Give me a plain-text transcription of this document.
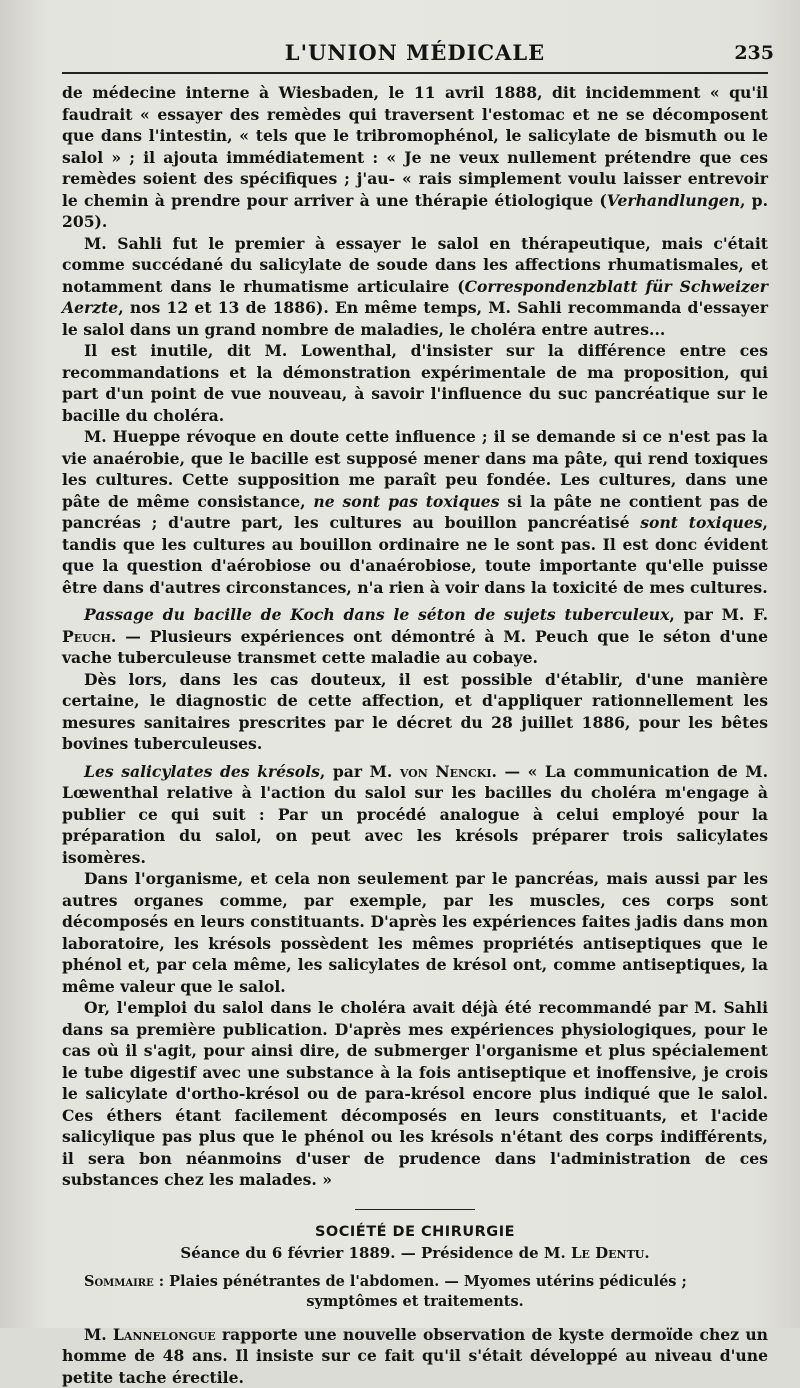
L'UNION MÉDICALE	235

de médecine interne à Wiesbaden, le 11 avril 1888, dit incidemment « qu'il faudrait « essayer des remèdes qui traversent l'estomac et ne se décomposent que dans l'intestin, « tels que le tribromophénol, le salicylate de bismuth ou le salol » ; il ajouta immédiatement : « Je ne veux nullement prétendre que ces remèdes soient des spécifiques ; j'au- « rais simplement voulu laisser entrevoir le chemin à prendre pour arriver à une thérapie étiologique (Verhandlungen, p. 205).

M. Sahli fut le premier à essayer le salol en thérapeutique, mais c'était comme succédané du salicylate de soude dans les affections rhumatismales, et notamment dans le rhumatisme articulaire (Correspondenzblatt für Schweizer Aerzte, nos 12 et 13 de 1886). En même temps, M. Sahli recommanda d'essayer le salol dans un grand nombre de maladies, le choléra entre autres...

Il est inutile, dit M. Lowenthal, d'insister sur la différence entre ces recommandations et la démonstration expérimentale de ma proposition, qui part d'un point de vue nouveau, à savoir l'influence du suc pancréatique sur le bacille du choléra.

M. Hueppe révoque en doute cette influence ; il se demande si ce n'est pas la vie anaérobie, que le bacille est supposé mener dans ma pâte, qui rend toxiques les cultures. Cette supposition me paraît peu fondée. Les cultures, dans une pâte de même consistance, ne sont pas toxiques si la pâte ne contient pas de pancréas ; d'autre part, les cultures au bouillon pancréatisé sont toxiques, tandis que les cultures au bouillon ordinaire ne le sont pas. Il est donc évident que la question d'aérobiose ou d'anaérobiose, toute importante qu'elle puisse être dans d'autres circonstances, n'a rien à voir dans la toxicité de mes cultures.

Passage du bacille de Koch dans le séton de sujets tuberculeux, par M. F. Peuch. — Plusieurs expériences ont démontré à M. Peuch que le séton d'une vache tuberculeuse transmet cette maladie au cobaye.

Dès lors, dans les cas douteux, il est possible d'établir, d'une manière certaine, le diagnostic de cette affection, et d'appliquer rationnellement les mesures sanitaires prescrites par le décret du 28 juillet 1886, pour les bêtes bovines tuberculeuses.

Les salicylates des krésols, par M. von Nencki. — « La communication de M. Lœwenthal relative à l'action du salol sur les bacilles du choléra m'engage à publier ce qui suit : Par un procédé analogue à celui employé pour la préparation du salol, on peut avec les krésols préparer trois salicylates isomères.

Dans l'organisme, et cela non seulement par le pancréas, mais aussi par les autres organes comme, par exemple, par les muscles, ces corps sont décomposés en leurs constituants. D'après les expériences faites jadis dans mon laboratoire, les krésols possèdent les mêmes propriétés antiseptiques que le phénol et, par cela même, les salicylates de krésol ont, comme antiseptiques, la même valeur que le salol.

Or, l'emploi du salol dans le choléra avait déjà été recommandé par M. Sahli dans sa première publication. D'après mes expériences physiologiques, pour le cas où il s'agit, pour ainsi dire, de submerger l'organisme et plus spécialement le tube digestif avec une substance à la fois antiseptique et inoffensive, je crois le salicylate d'ortho-krésol ou de para-krésol encore plus indiqué que le salol. Ces éthers étant facilement décomposés en leurs constituants, et l'acide salicylique pas plus que le phénol ou les krésols n'étant des corps indifférents, il sera bon néanmoins d'user de prudence dans l'administration de ces substances chez les malades. »

SOCIÉTÉ DE CHIRURGIE
Séance du 6 février 1889. — Présidence de M. Le Dentu.
Sommaire : Plaies pénétrantes de l'abdomen. — Myomes utérins pédiculés ;
symptômes et traitements.

M. Lannelongue rapporte une nouvelle observation de kyste dermoïde chez un homme de 48 ans. Il insiste sur ce fait qu'il s'était développé au niveau d'une petite tache érectile.
